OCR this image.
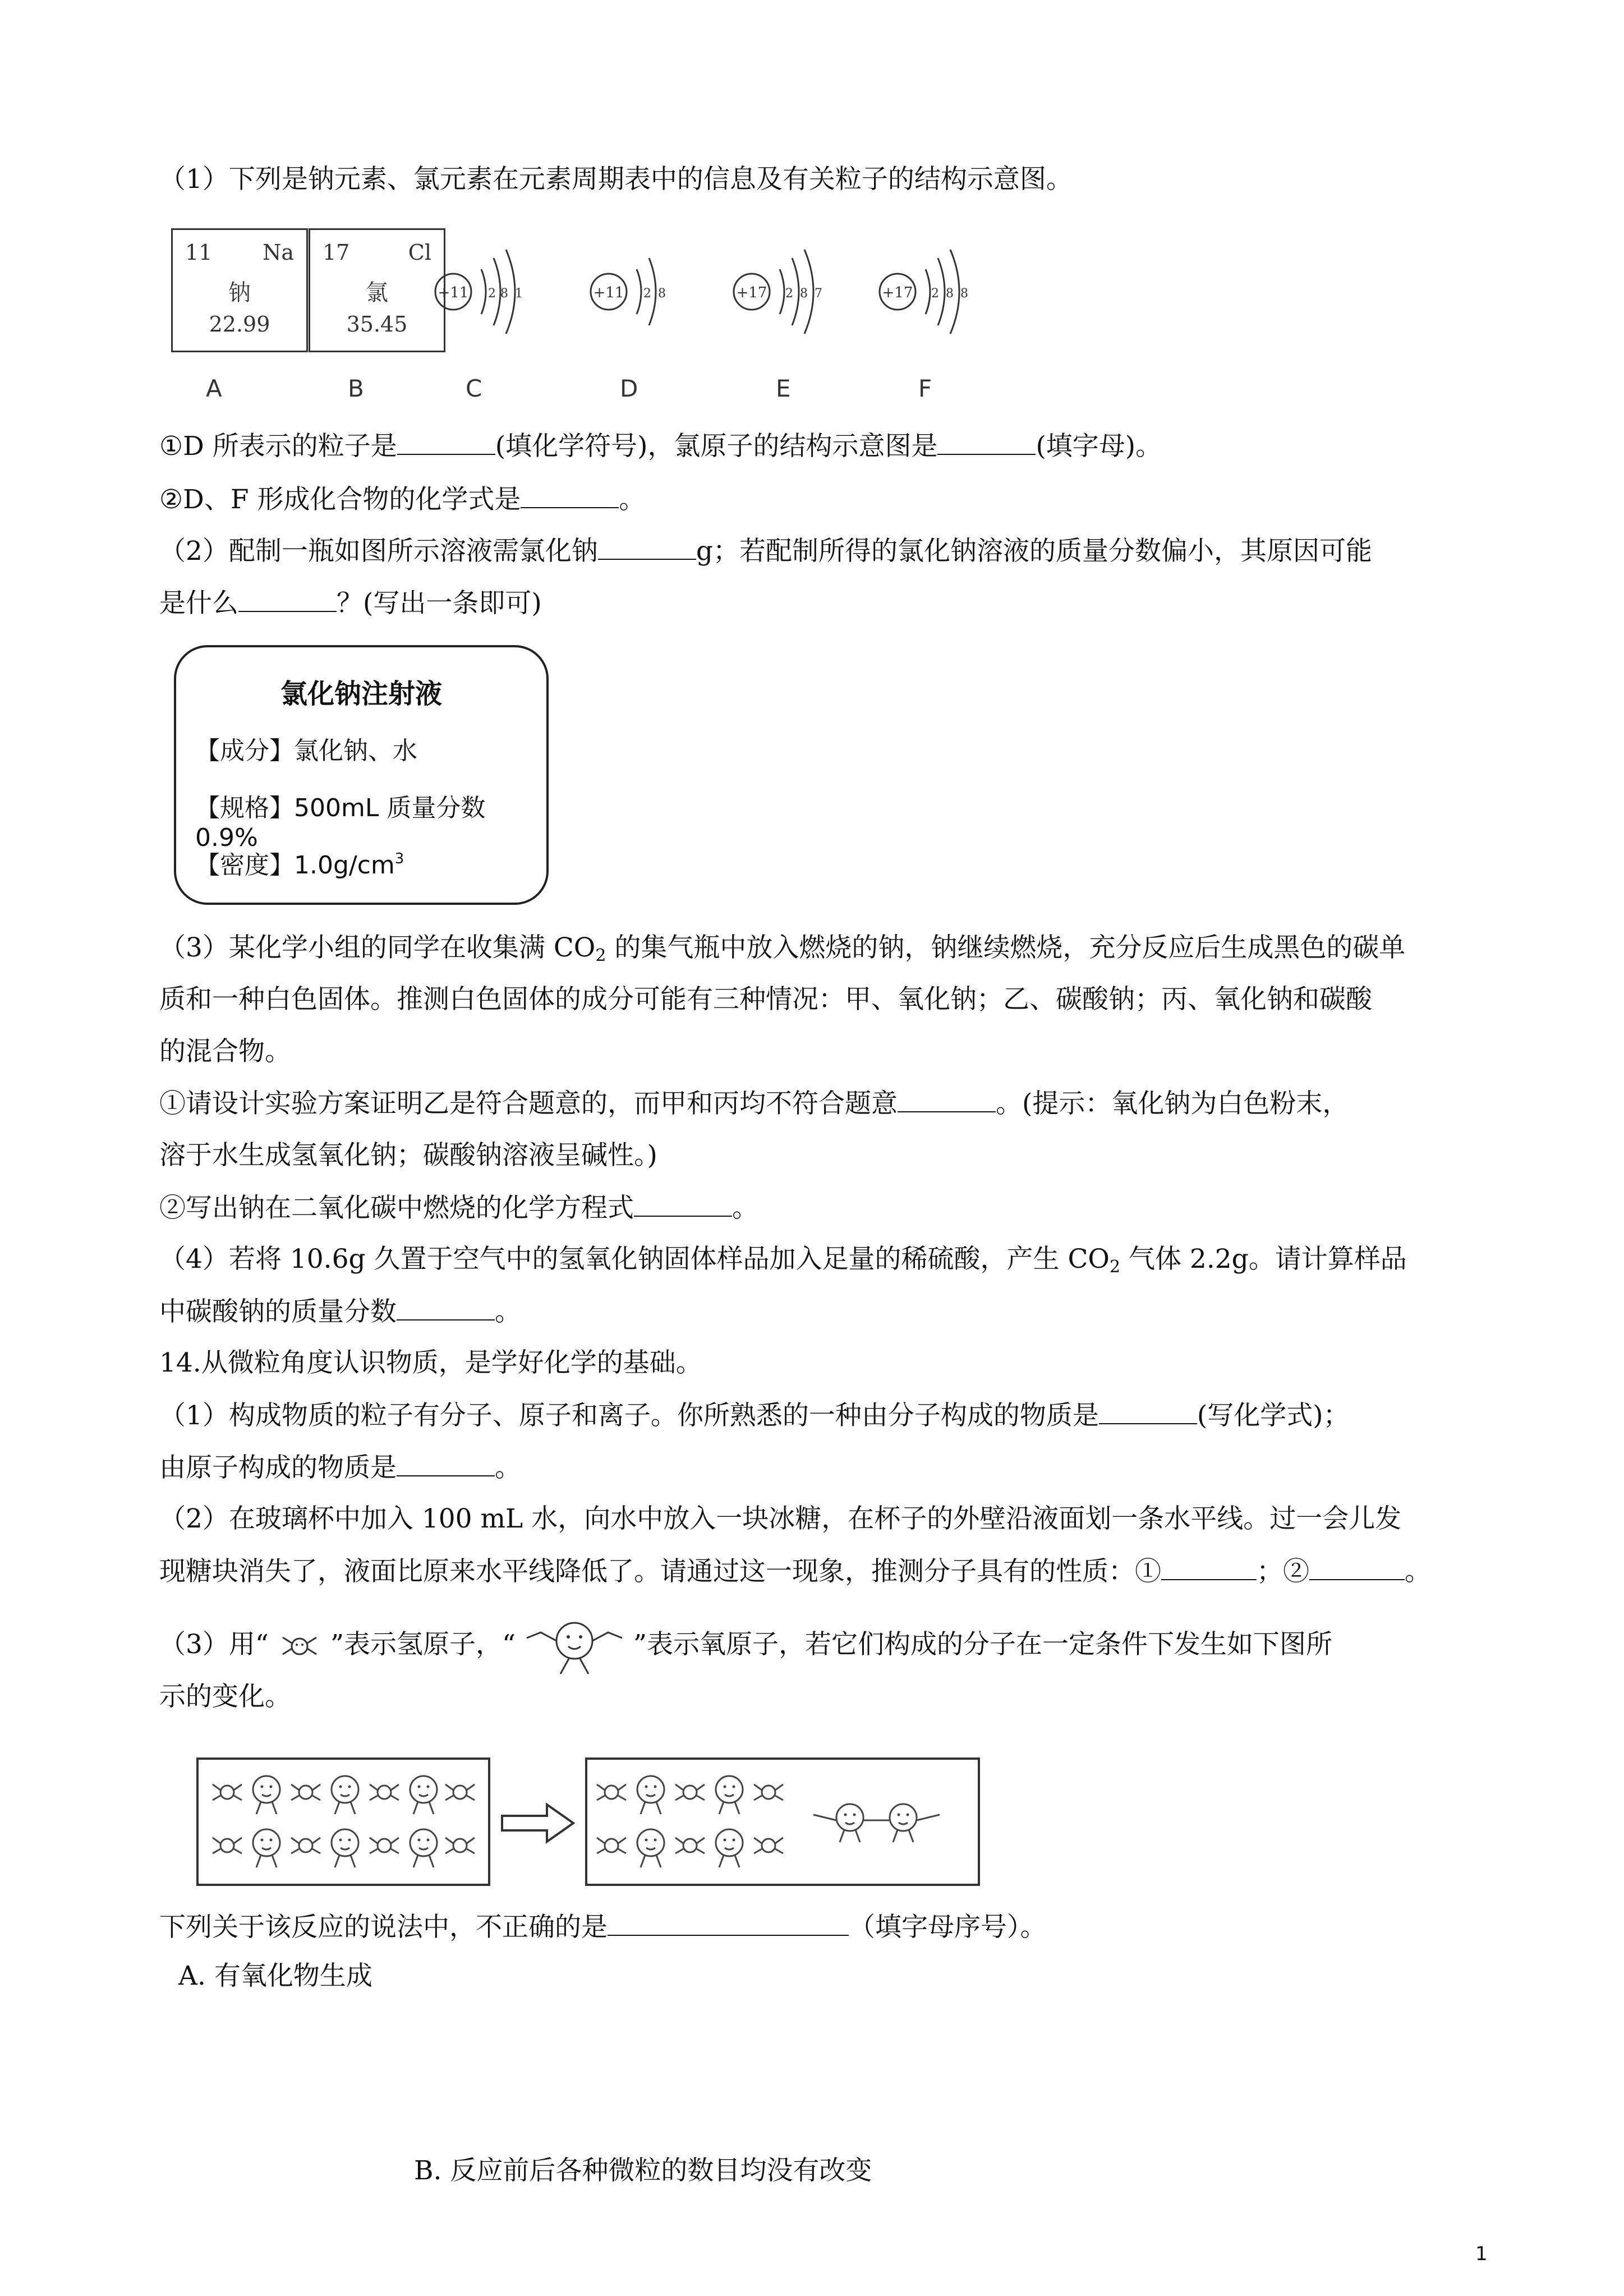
（1）下列是钠元素、氯元素在元素周期表中的信息及有关粒子的结构示意图。
11 Na
钠
22.99
17	Cl
氯
35.45
+11 2 8 1	+11 2 8	+17 2 8 7	+17 2 8 8
A	B	C	D	E	F
①D 所表示的粒子是	(填化学符号)，氯原子的结构示意图是	(填字母)。
②D、F 形成化合物的化学式是	。
（2）配制一瓶如图所示溶液需氯化钠	g；若配制所得的氯化钠溶液的质量分数偏小，其原因可能
是什么	？(写出一条即可)
氯化钠注射液
【成分】氯化钠、水
【规格】500mL 质量分数 0.9%
【密度】$1.0g/cm^3$
（3）某化学小组的同学在收集满 $CO_2$ 的集气瓶中放入燃烧的钠，钠继续燃烧，充分反应后生成黑色的碳单
质和一种白色固体。推测白色固体的成分可能有三种情况：甲、氧化钠；乙、碳酸钠；丙、氧化钠和碳酸
的混合物。
①请设计实验方案证明乙是符合题意的，而甲和丙均不符合题意	。(提示：氧化钠为白色粉末，
溶于水生成氢氧化钠；碳酸钠溶液呈碱性。)
②写出钠在二氧化碳中燃烧的化学方程式	。
（4）若将 10.6g 久置于空气中的氢氧化钠固体样品加入足量的稀硫酸，产生 $CO_2$ 气体 2.2g。请计算样品
中碳酸钠的质量分数	。
14.从微粒角度认识物质，是学好化学的基础。
（1）构成物质的粒子有分子、原子和离子。你所熟悉的一种由分子构成的物质是	(写化学式)；
由原子构成的物质是	。
（2）在玻璃杯中加入 100 mL 水，向水中放入一块冰糖，在杯子的外壁沿液面划一条水平线。过一会儿发
现糖块消失了，液面比原来水平线降低了。请通过这一现象，推测分子具有的性质：①	；②	。
（3）用“ ”表示氢原子，“	”表示氧原子，若它们构成的分子在一定条件下发生如下图所
示的变化。
下列关于该反应的说法中，不正确的是	（填字母序号）。
A. 有氧化物生成
B. 反应前后各种微粒的数目均没有改变
1
